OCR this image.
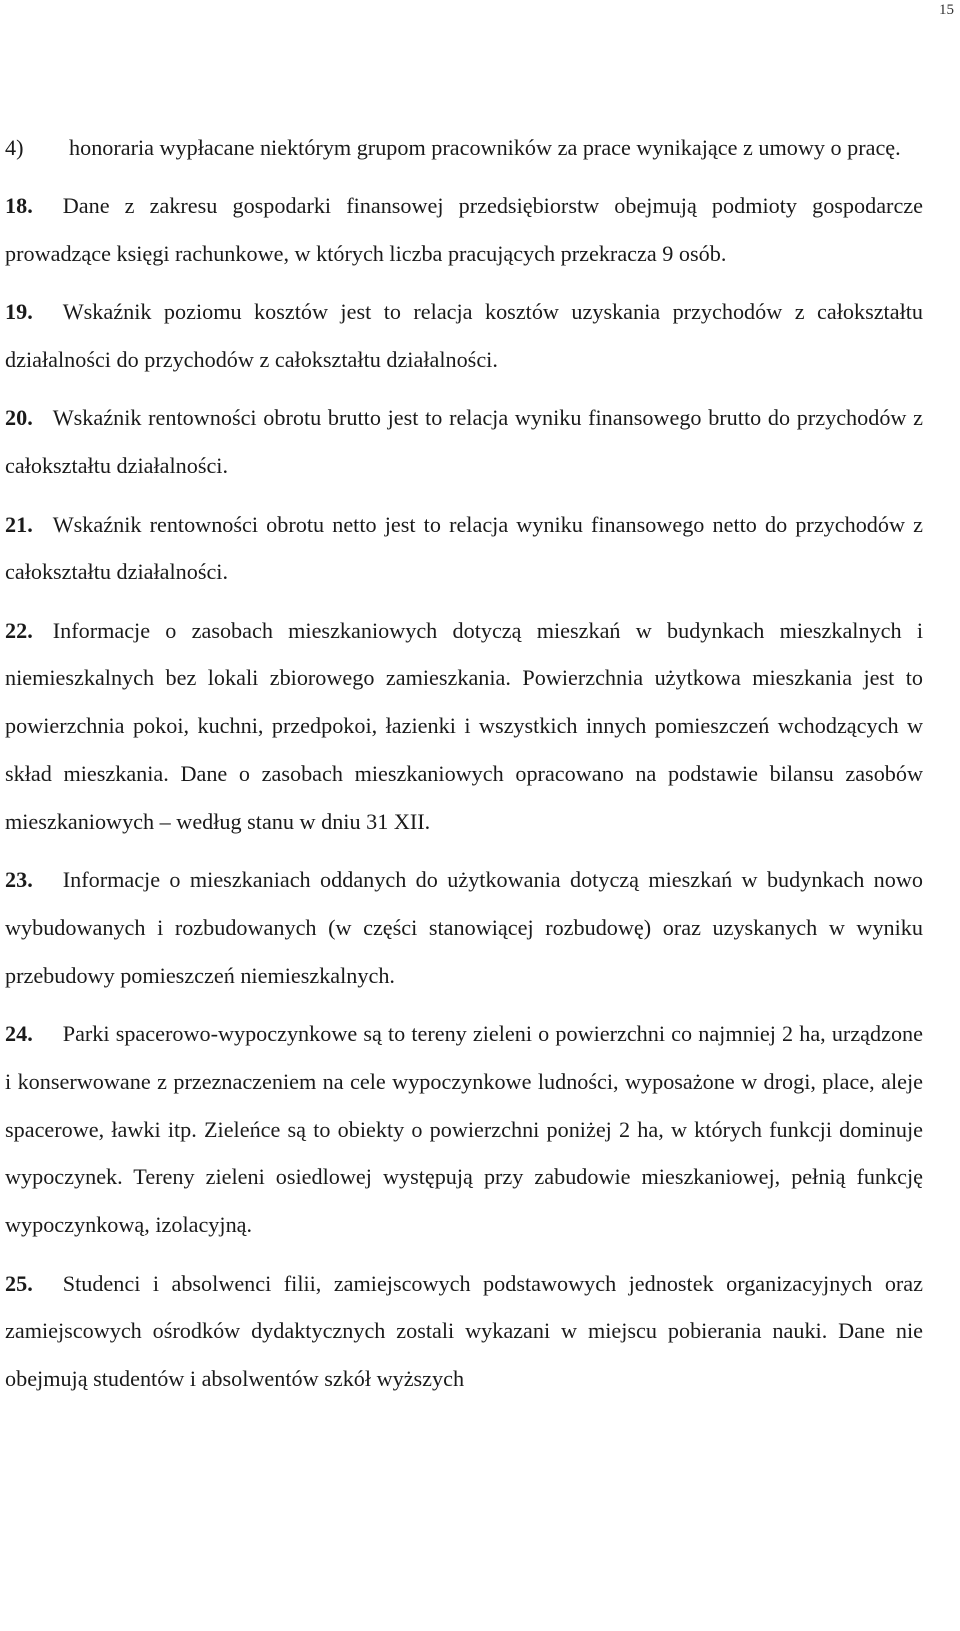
15

4) honoraria wypłacane niektórym grupom pracowników za prace wynikające z umowy o pracę.

18. Dane z zakresu gospodarki finansowej przedsiębiorstw obejmują podmioty gospodarcze prowadzące księgi rachunkowe, w których liczba pracujących przekracza 9 osób.

19. Wskaźnik poziomu kosztów jest to relacja kosztów uzyskania przychodów z całokształtu działalności do przychodów z całokształtu działalności.

20. Wskaźnik rentowności obrotu brutto jest to relacja wyniku finansowego brutto do przychodów z całokształtu działalności.

21. Wskaźnik rentowności obrotu netto jest to relacja wyniku finansowego netto do przychodów z całokształtu działalności.

22. Informacje o zasobach mieszkaniowych dotyczą mieszkań w budynkach mieszkalnych i niemieszkalnych bez lokali zbiorowego zamieszkania. Powierzchnia użytkowa mieszkania jest to powierzchnia pokoi, kuchni, przedpokoi, łazienki i wszystkich innych pomieszczeń wchodzących w skład mieszkania. Dane o zasobach mieszkaniowych opracowano na podstawie bilansu zasobów mieszkaniowych – według stanu w dniu 31 XII.

23. Informacje o mieszkaniach oddanych do użytkowania dotyczą mieszkań w budynkach nowo wybudowanych i rozbudowanych (w części stanowiącej rozbudowę) oraz uzyskanych w wyniku przebudowy pomieszczeń niemieszkalnych.

24. Parki spacerowo-wypoczynkowe są to tereny zieleni o powierzchni co najmniej 2 ha, urządzone i konserwowane z przeznaczeniem na cele wypoczynkowe ludności, wyposażone w drogi, place, aleje spacerowe, ławki itp. Zieleńce są to obiekty o powierzchni poniżej 2 ha, w których funkcji dominuje wypoczynek. Tereny zieleni osiedlowej występują przy zabudowie mieszkaniowej, pełnią funkcję wypoczynkową, izolacyjną.

25. Studenci i absolwenci filii, zamiejscowych podstawowych jednostek organizacyjnych oraz zamiejscowych ośrodków dydaktycznych zostali wykazani w miejscu pobierania nauki. Dane nie obejmują studentów i absolwentów szkół wyższych
